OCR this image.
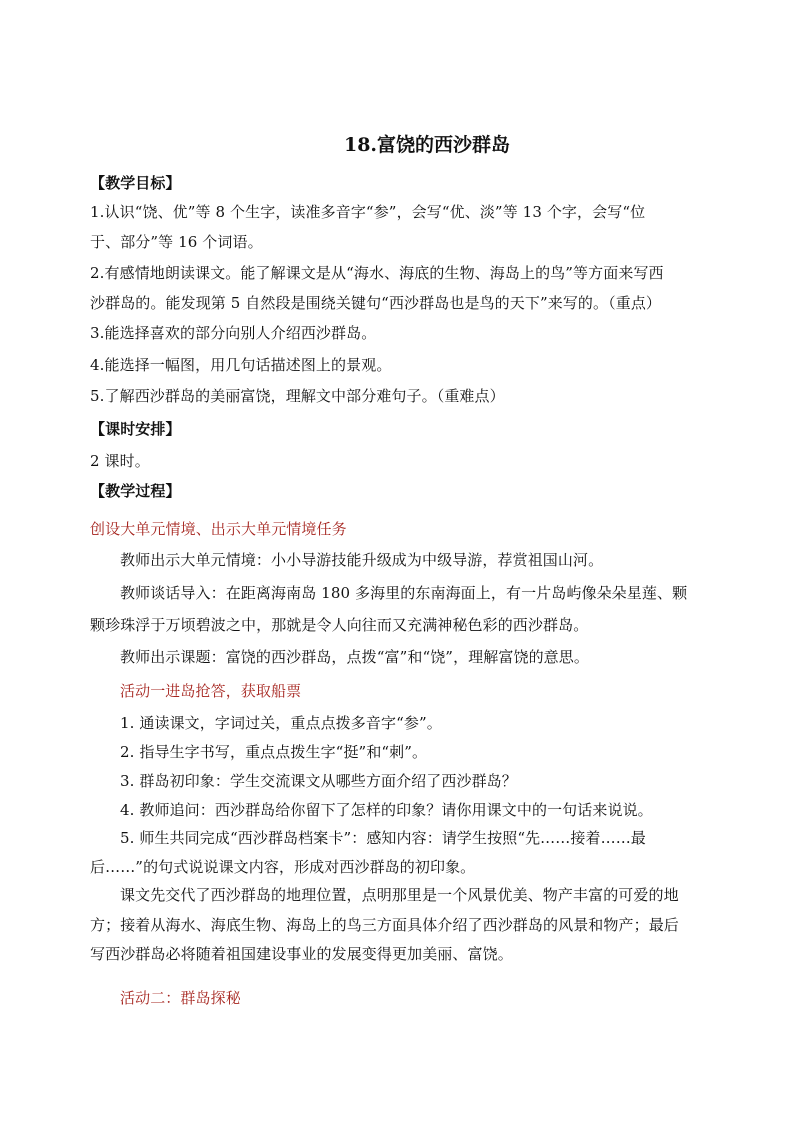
18.富饶的西沙群岛
【教学目标】
1.认识“饶、优”等 8 个生字，读准多音字“参”，会写“优、淡”等 13 个字，会写“位
于、部分”等 16 个词语。
2.有感情地朗读课文。能了解课文是从“海水、海底的生物、海岛上的鸟”等方面来写西
沙群岛的。能发现第 5 自然段是围绕关键句“西沙群岛也是鸟的天下”来写的。（重点）
3.能选择喜欢的部分向别人介绍西沙群岛。
4.能选择一幅图，用几句话描述图上的景观。
5.了解西沙群岛的美丽富饶，理解文中部分难句子。（重难点）
【课时安排】
2 课时。
【教学过程】
创设大单元情境、出示大单元情境任务
教师出示大单元情境：小小导游技能升级成为中级导游，荐赏祖国山河。
教师谈话导入：在距离海南岛 180 多海里的东南海面上，有一片岛屿像朵朵星莲、颗
颗珍珠浮于万顷碧波之中，那就是令人向往而又充满神秘色彩的西沙群岛。
教师出示课题：富饶的西沙群岛，点拨“富”和“饶”，理解富饶的意思。
活动一进岛抢答，获取船票
1. 通读课文，字词过关，重点点拨多音字“参”。
2. 指导生字书写，重点点拨生字“挺”和“刺”。
3. 群岛初印象：学生交流课文从哪些方面介绍了西沙群岛？
4. 教师追问：西沙群岛给你留下了怎样的印象？请你用课文中的一句话来说说。
5. 师生共同完成“西沙群岛档案卡”：感知内容：请学生按照“先……接着……最
后……”的句式说说课文内容，形成对西沙群岛的初印象。
课文先交代了西沙群岛的地理位置，点明那里是一个风景优美、物产丰富的可爱的地
方；接着从海水、海底生物、海岛上的鸟三方面具体介绍了西沙群岛的风景和物产；最后
写西沙群岛必将随着祖国建设事业的发展变得更加美丽、富饶。
活动二：群岛探秘
